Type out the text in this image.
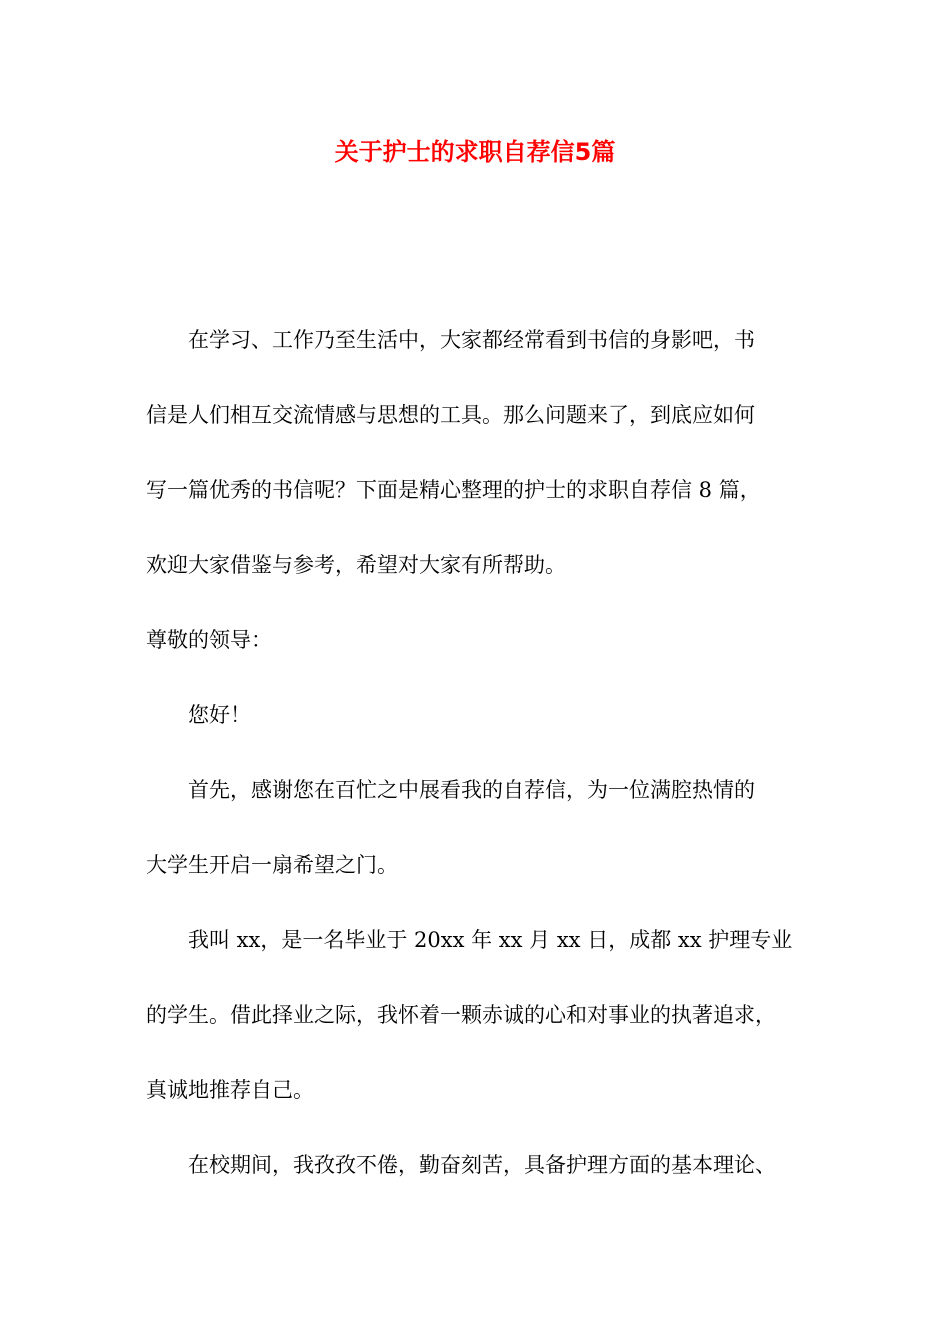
关于护士的求职自荐信5篇
在学习、工作乃至生活中，大家都经常看到书信的身影吧，书
信是人们相互交流情感与思想的工具。那么问题来了，到底应如何
写一篇优秀的书信呢？下面是精心整理的护士的求职自荐信 8 篇，
欢迎大家借鉴与参考，希望对大家有所帮助。
尊敬的领导：
您好！
首先，感谢您在百忙之中展看我的自荐信，为一位满腔热情的
大学生开启一扇希望之门。
我叫 xx，是一名毕业于 20xx 年 xx 月 xx 日，成都 xx 护理专业
的学生。借此择业之际，我怀着一颗赤诚的心和对事业的执著追求，
真诚地推荐自己。
在校期间，我孜孜不倦，勤奋刻苦，具备护理方面的基本理论、
